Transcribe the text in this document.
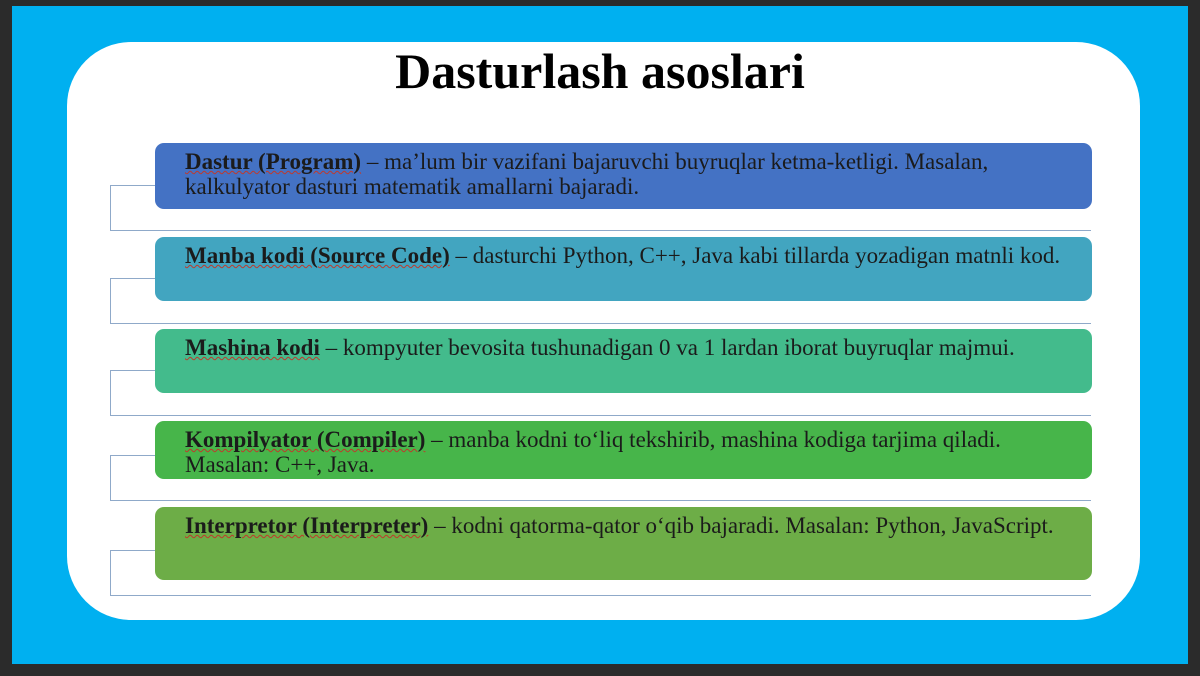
Dasturlash asoslari
Dastur (Program) – ma’lum bir vazifani bajaruvchi buyruqlar ketma-ketligi. Masalan, kalkulyator dasturi matematik amallarni bajaradi.
Manba kodi (Source Code) – dasturchi Python, C++, Java kabi tillarda yozadigan matnli kod.
Mashina kodi – kompyuter bevosita tushunadigan 0 va 1 lardan iborat buyruqlar majmui.
Kompilyator (Compiler) – manba kodni to‘liq tekshirib, mashina kodiga tarjima qiladi. Masalan: C++, Java.
Interpretor (Interpreter) – kodni qatorma-qator o‘qib bajaradi. Masalan: Python, JavaScript.
